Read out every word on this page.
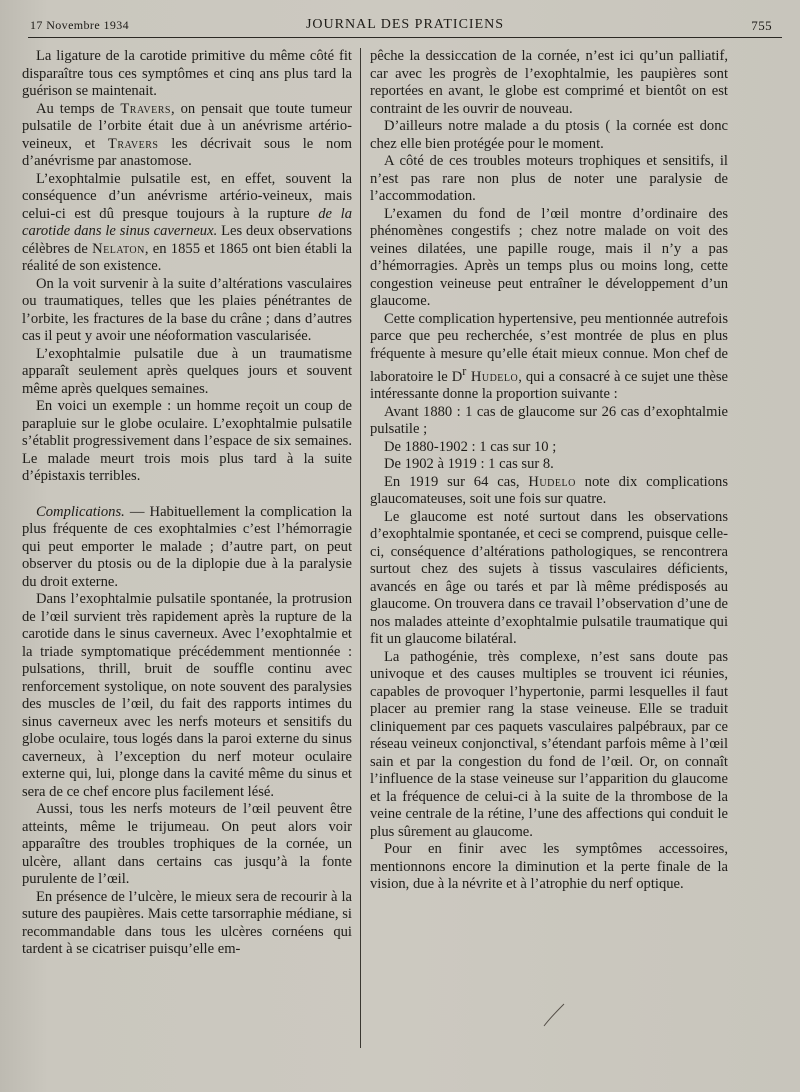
17 Novembre 1934	JOURNAL DES PRATICIENS	755

La ligature de la carotide primitive du même côté fit disparaître tous ces symptômes et cinq ans plus tard la guérison se maintenait.

Au temps de Travers, on pensait que toute tumeur pulsatile de l’orbite était due à un anévrisme artério-veineux, et Travers les décrivait sous le nom d’anévrisme par anastomose.

L’exophtalmie pulsatile est, en effet, souvent la conséquence d’un anévrisme artério-veineux, mais celui-ci est dû presque toujours à la rupture de la carotide dans le sinus caverneux. Les deux observations célèbres de Nelaton, en 1855 et 1865 ont bien établi la réalité de son existence.

On la voit survenir à la suite d’altérations vasculaires ou traumatiques, telles que les plaies pénétrantes de l’orbite, les fractures de la base du crâne ; dans d’autres cas il peut y avoir une néoformation vascularisée.

L’exophtalmie pulsatile due à un traumatisme apparaît seulement après quelques jours et souvent même après quelques semaines.

En voici un exemple : un homme reçoit un coup de parapluie sur le globe oculaire. L’exophtalmie pulsatile s’établit progressivement dans l’espace de six semaines. Le malade meurt trois mois plus tard à la suite d’épistaxis terribles.

Complications. — Habituellement la complication la plus fréquente de ces exophtalmies c’est l’hémorragie qui peut emporter le malade ; d’autre part, on peut observer du ptosis ou de la diplopie due à la paralysie du droit externe.

Dans l’exophtalmie pulsatile spontanée, la protrusion de l’œil survient très rapidement après la rupture de la carotide dans le sinus caverneux. Avec l’exophtalmie et la triade symptomatique précédemment mentionnée : pulsations, thrill, bruit de souffle continu avec renforcement systolique, on note souvent des paralysies des muscles de l’œil, du fait des rapports intimes du sinus caverneux avec les nerfs moteurs et sensitifs du globe oculaire, tous logés dans la paroi externe du sinus caverneux, à l’exception du nerf moteur oculaire externe qui, lui, plonge dans la cavité même du sinus et sera de ce chef encore plus facilement lésé.

Aussi, tous les nerfs moteurs de l’œil peuvent être atteints, même le trijumeau. On peut alors voir apparaître des troubles trophiques de la cornée, un ulcère, allant dans certains cas jusqu’à la fonte purulente de l’œil.

En présence de l’ulcère, le mieux sera de recourir à la suture des paupières. Mais cette tarsorraphie médiane, si recommandable dans tous les ulcères cornéens qui tardent à se cicatriser puisqu’elle em-

pêche la dessiccation de la cornée, n’est ici qu’un palliatif, car avec les progrès de l’exophtalmie, les paupières sont reportées en avant, le globe est comprimé et bientôt on est contraint de les ouvrir de nouveau.

D’ailleurs notre malade a du ptosis ( la cornée est donc chez elle bien protégée pour le moment.

A côté de ces troubles moteurs trophiques et sensitifs, il n’est pas rare non plus de noter une paralysie de l’accommodation.

L’examen du fond de l’œil montre d’ordinaire des phénomènes congestifs ; chez notre malade on voit des veines dilatées, une papille rouge, mais il n’y a pas d’hémorragies. Après un temps plus ou moins long, cette congestion veineuse peut entraîner le développement d’un glaucome.

Cette complication hypertensive, peu mentionnée autrefois parce que peu recherchée, s’est montrée de plus en plus fréquente à mesure qu’elle était mieux connue. Mon chef de laboratoire le $D^r$ Hudelo, qui a consacré à ce sujet une thèse intéressante donne la proportion suivante :

Avant 1880 : 1 cas de glaucome sur 26 cas d’exophtalmie pulsatile ;

De 1880-1902 : 1 cas sur 10 ;

De 1902 à 1919 : 1 cas sur 8.

En 1919 sur 64 cas, Hudelo note dix complications glaucomateuses, soit une fois sur quatre.

Le glaucome est noté surtout dans les observations d’exophtalmie spontanée, et ceci se comprend, puisque celle-ci, conséquence d’altérations pathologiques, se rencontrera surtout chez des sujets à tissus vasculaires déficients, avancés en âge ou tarés et par là même prédisposés au glaucome. On trouvera dans ce travail l’observation d’une de nos malades atteinte d’exophtalmie pulsatile traumatique qui fit un glaucome bilatéral.

La pathogénie, très complexe, n’est sans doute pas univoque et des causes multiples se trouvent ici réunies, capables de provoquer l’hypertonie, parmi lesquelles il faut placer au premier rang la stase veineuse. Elle se traduit cliniquement par ces paquets vasculaires palpébraux, par ce réseau veineux conjonctival, s’étendant parfois même à l’œil sain et par la congestion du fond de l’œil. Or, on connaît l’influence de la stase veineuse sur l’apparition du glaucome et la fréquence de celui-ci à la suite de la thrombose de la veine centrale de la rétine, l’une des affections qui conduit le plus sûrement au glaucome.

Pour en finir avec les symptômes accessoires, mentionnons encore la diminution et la perte finale de la vision, due à la névrite et à l’atrophie du nerf optique.
